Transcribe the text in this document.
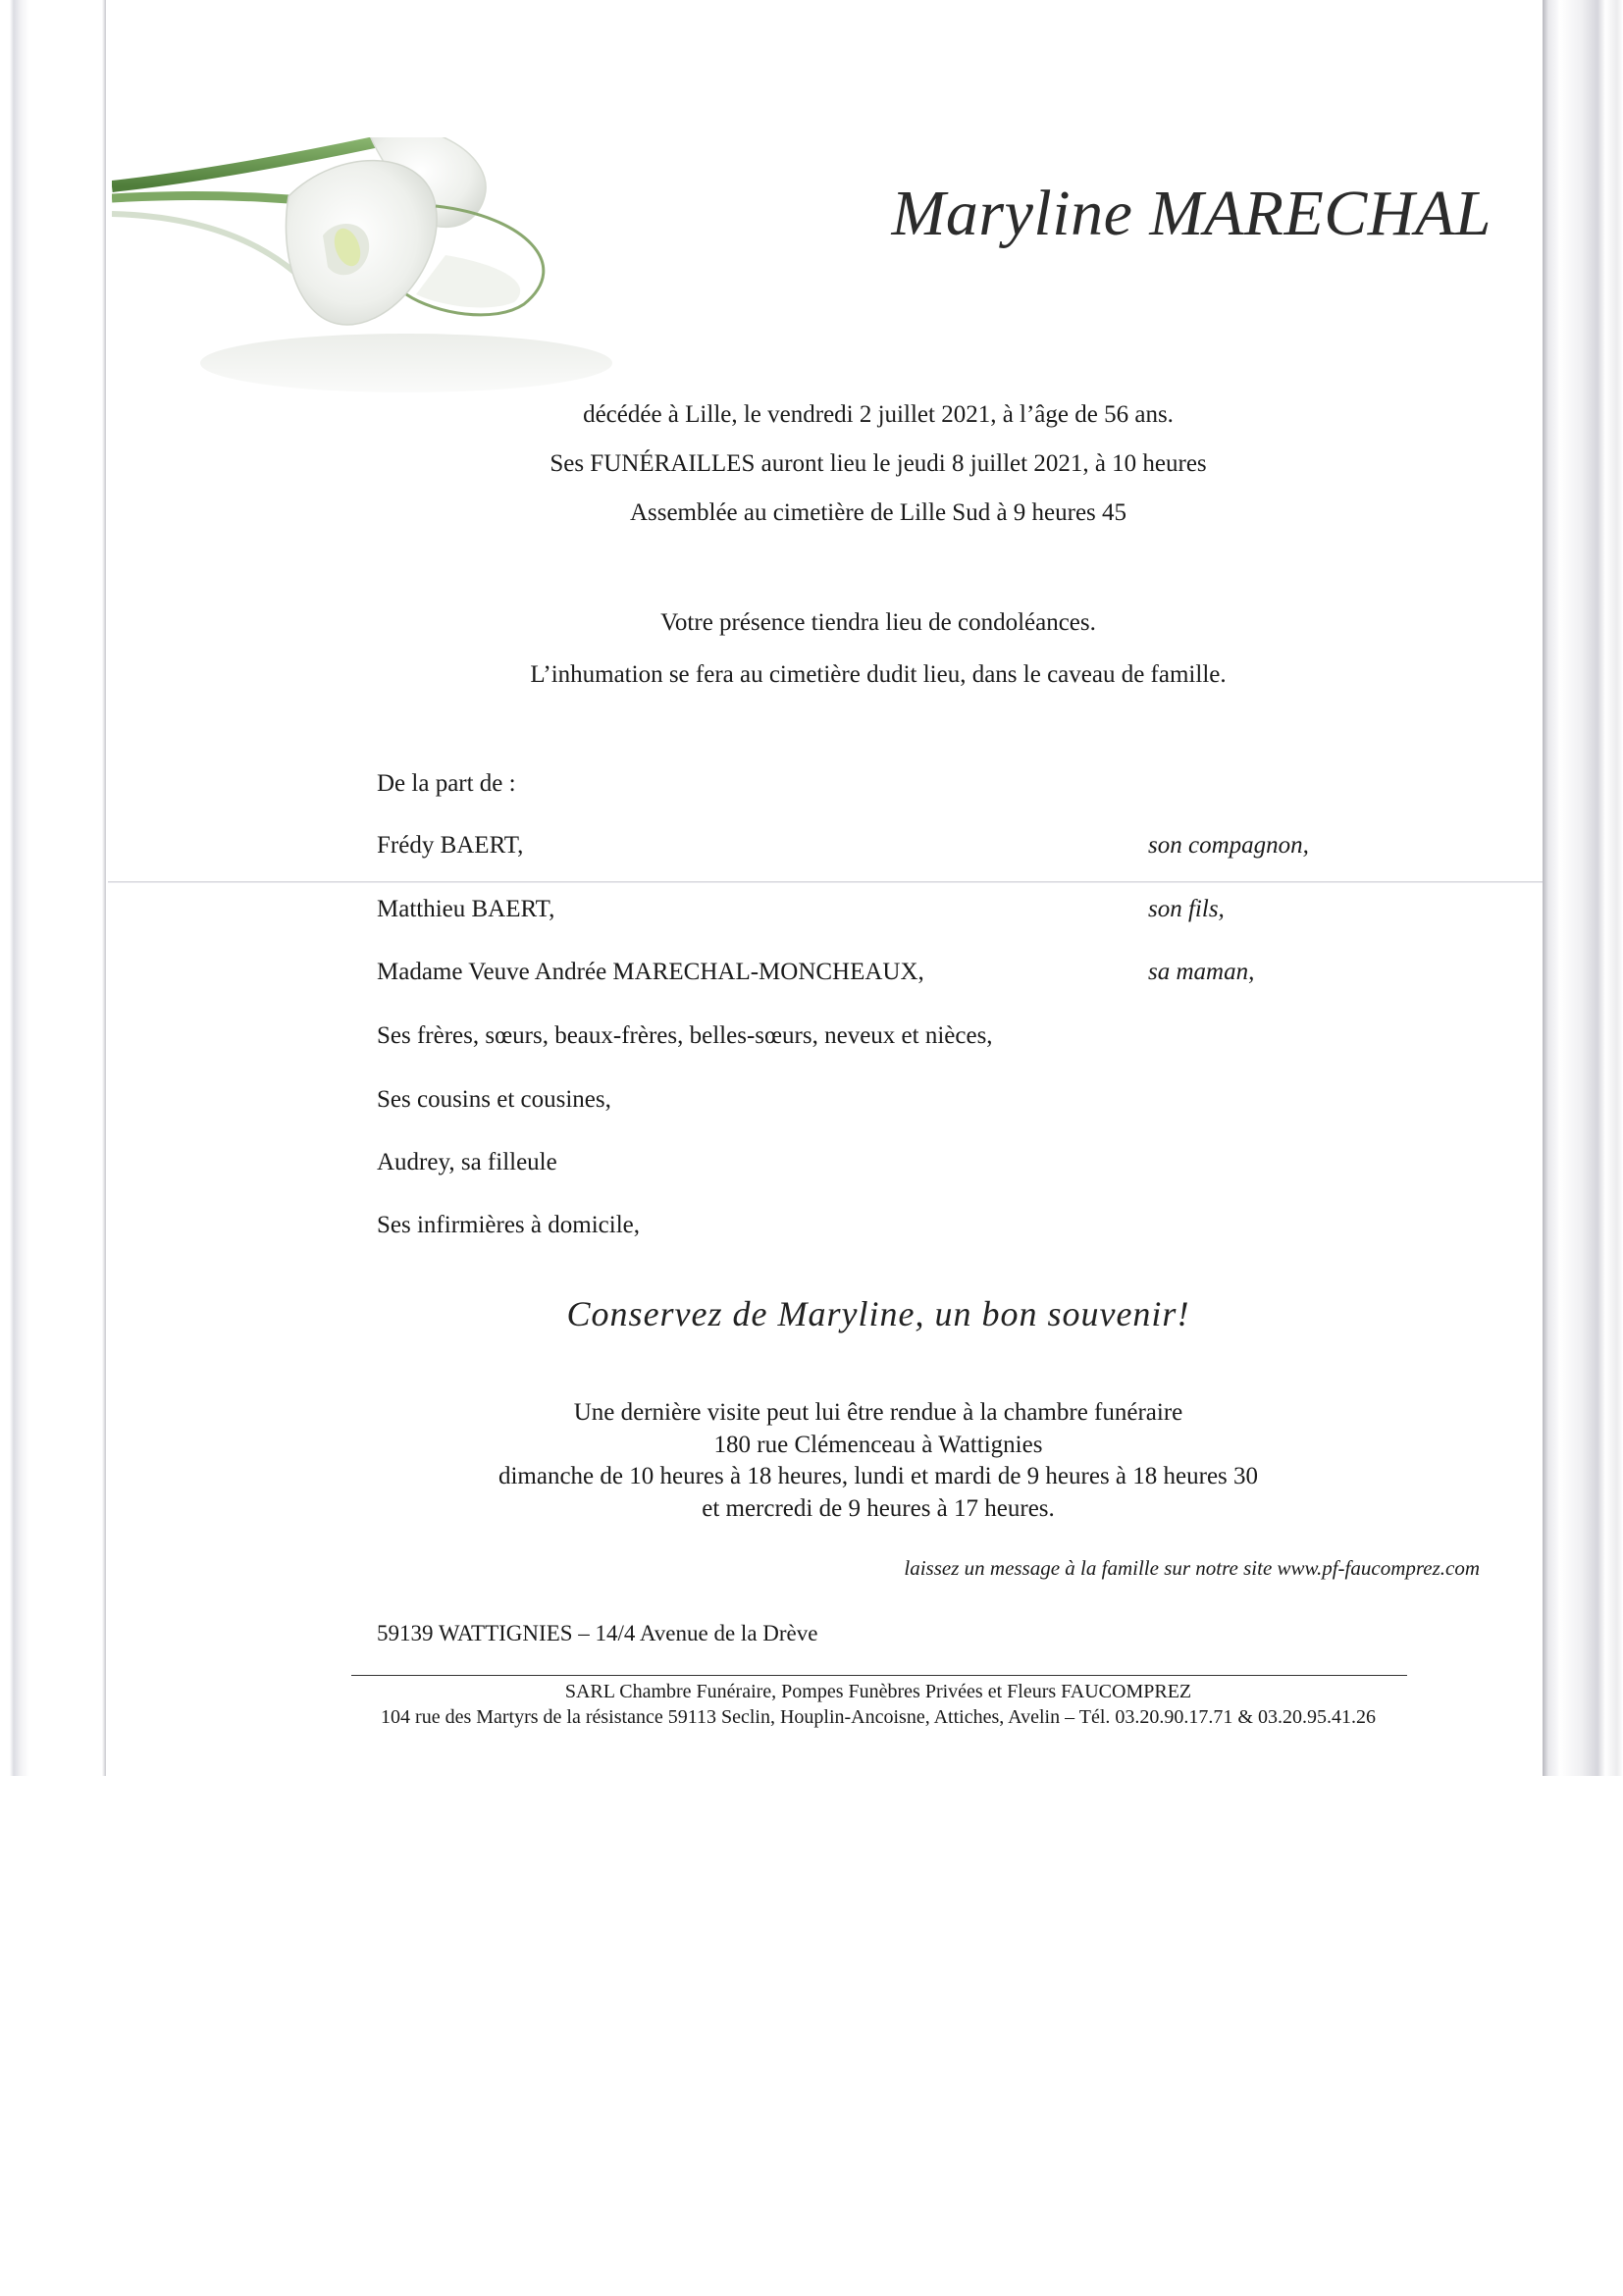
Maryline MARECHAL

décédée à Lille, le vendredi 2 juillet 2021, à l’âge de 56 ans.

Ses FUNÉRAILLES auront lieu le jeudi 8 juillet 2021, à 10 heures

Assemblée au cimetière de Lille Sud à 9 heures 45

Votre présence tiendra lieu de condoléances.

L’inhumation se fera au cimetière dudit lieu, dans le caveau de famille.

De la part de :
Frédy BAERT,	son compagnon,
Matthieu BAERT,	son fils,
Madame Veuve Andrée MARECHAL-MONCHEAUX,	sa maman,
Ses frères, sœurs, beaux-frères, belles-sœurs, neveux et nièces,
Ses cousins et cousines,
Audrey, sa filleule
Ses infirmières à domicile,
Conservez de Maryline, un bon souvenir!

Une dernière visite peut lui être rendue à la chambre funéraire

180 rue Clémenceau à Wattignies

dimanche de 10 heures à 18 heures, lundi et mardi de 9 heures à 18 heures 30

et mercredi de 9 heures à 17 heures.

laissez un message à la famille sur notre site www.pf-faucomprez.com
59139 WATTIGNIES – 14/4 Avenue de la Drève
SARL Chambre Funéraire, Pompes Funèbres Privées et Fleurs FAUCOMPREZ
104 rue des Martyrs de la résistance 59113 Seclin, Houplin-Ancoisne, Attiches, Avelin – Tél. 03.20.90.17.71 & 03.20.95.41.26
